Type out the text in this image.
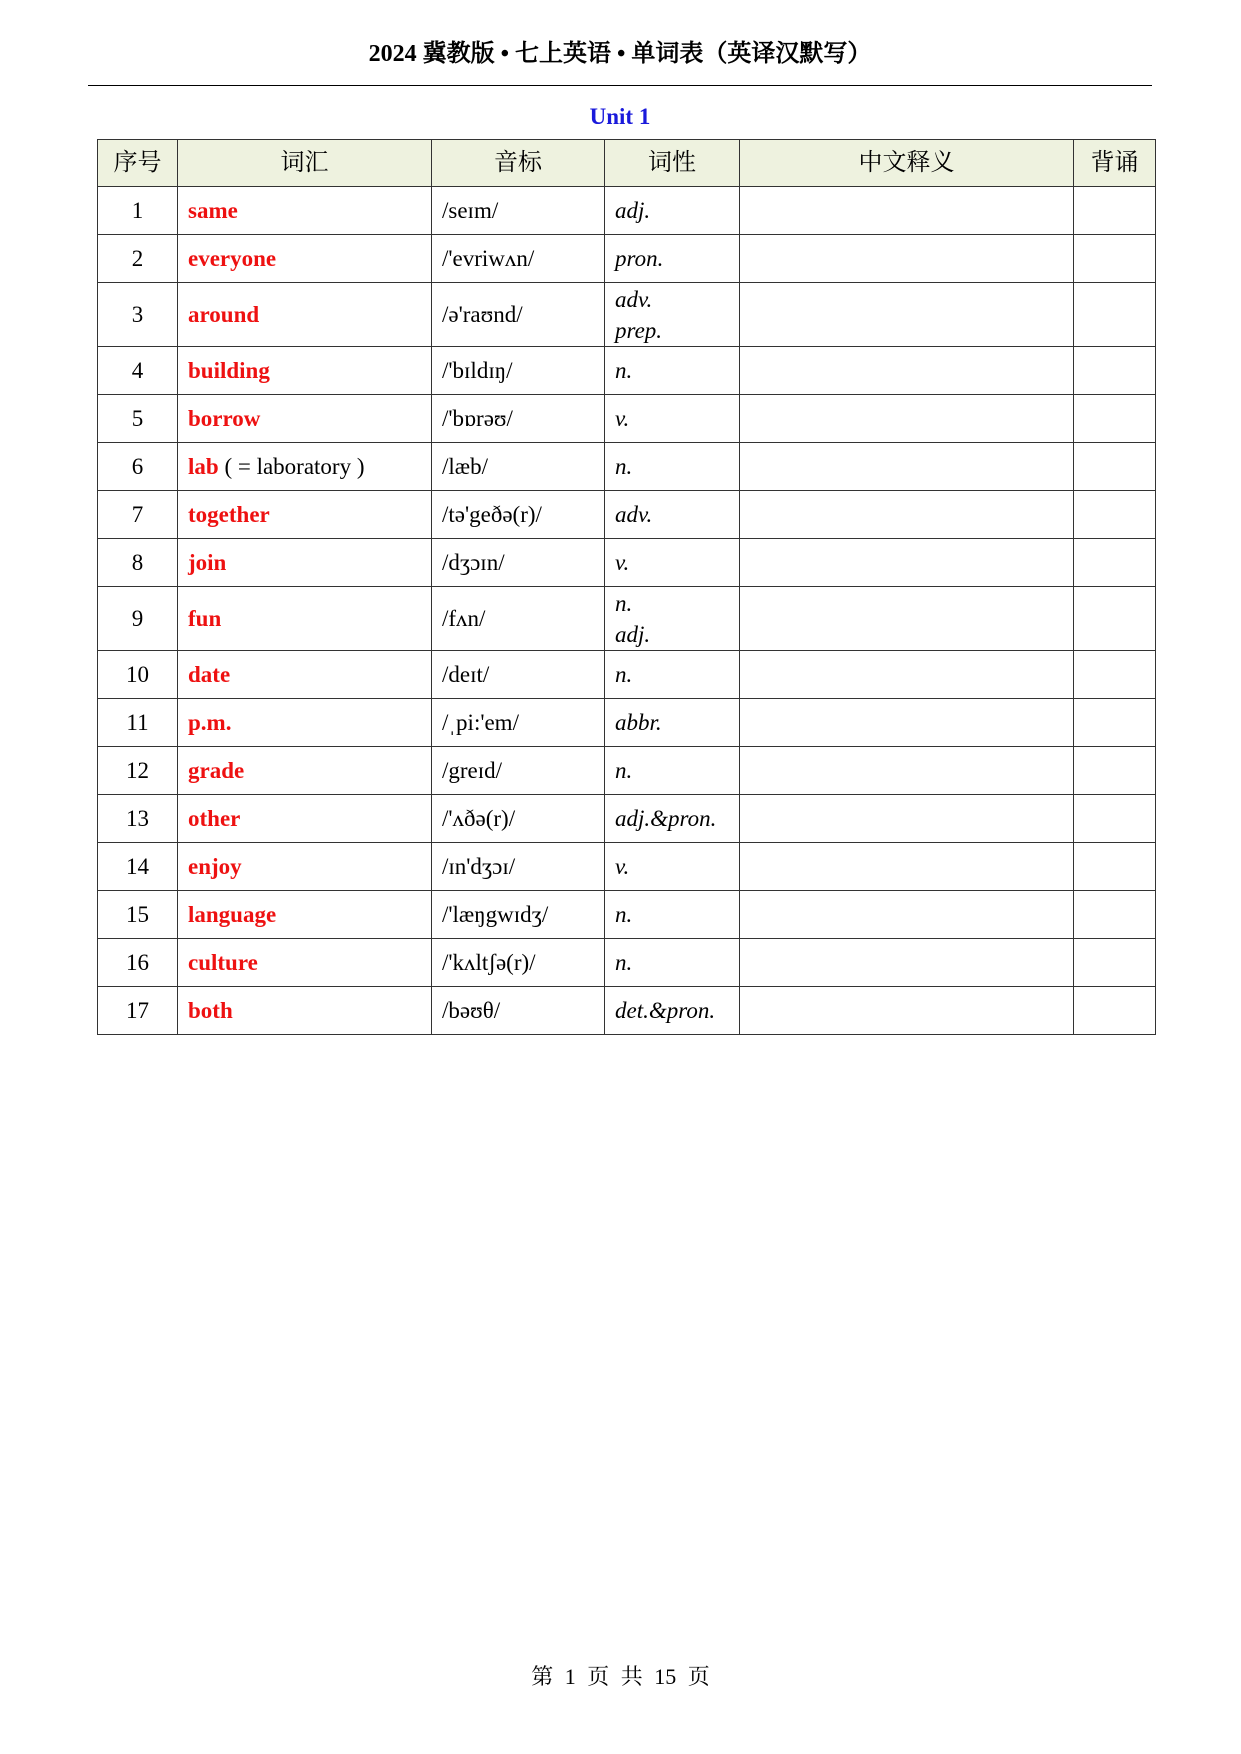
2024 冀教版 • 七上英语 • 单词表（英译汉默写）
Unit 1
序号	词汇	音标	词性	中文释义	背诵
1	same	/seɪm/	adj.		

2	everyone	/'evriwʌn/	pron.		

3	around	/ə'raʊnd/	adv.
prep.		

4	building	/'bɪldɪŋ/	n.		

5	borrow	/'bɒrəʊ/	v.		

6	lab ( = laboratory )	/læb/	n.		

7	together	/tə'geðə(r)/	adv.		

8	join	/dʒɔɪn/	v.		

9	fun	/fʌn/	n.
adj.		

10	date	/deɪt/	n.		

11	p.m.	/ˌpi:'em/	abbr.		

12	grade	/greɪd/	n.		

13	other	/'ʌðə(r)/	adj.&pron.		

14	enjoy	/ɪn'dʒɔɪ/	v.		

15	language	/'læŋgwɪdʒ/	n.		

16	culture	/'kʌltʃə(r)/	n.		

17	both	/bəʊθ/	det.&pron.		

第 1 页 共 15 页
